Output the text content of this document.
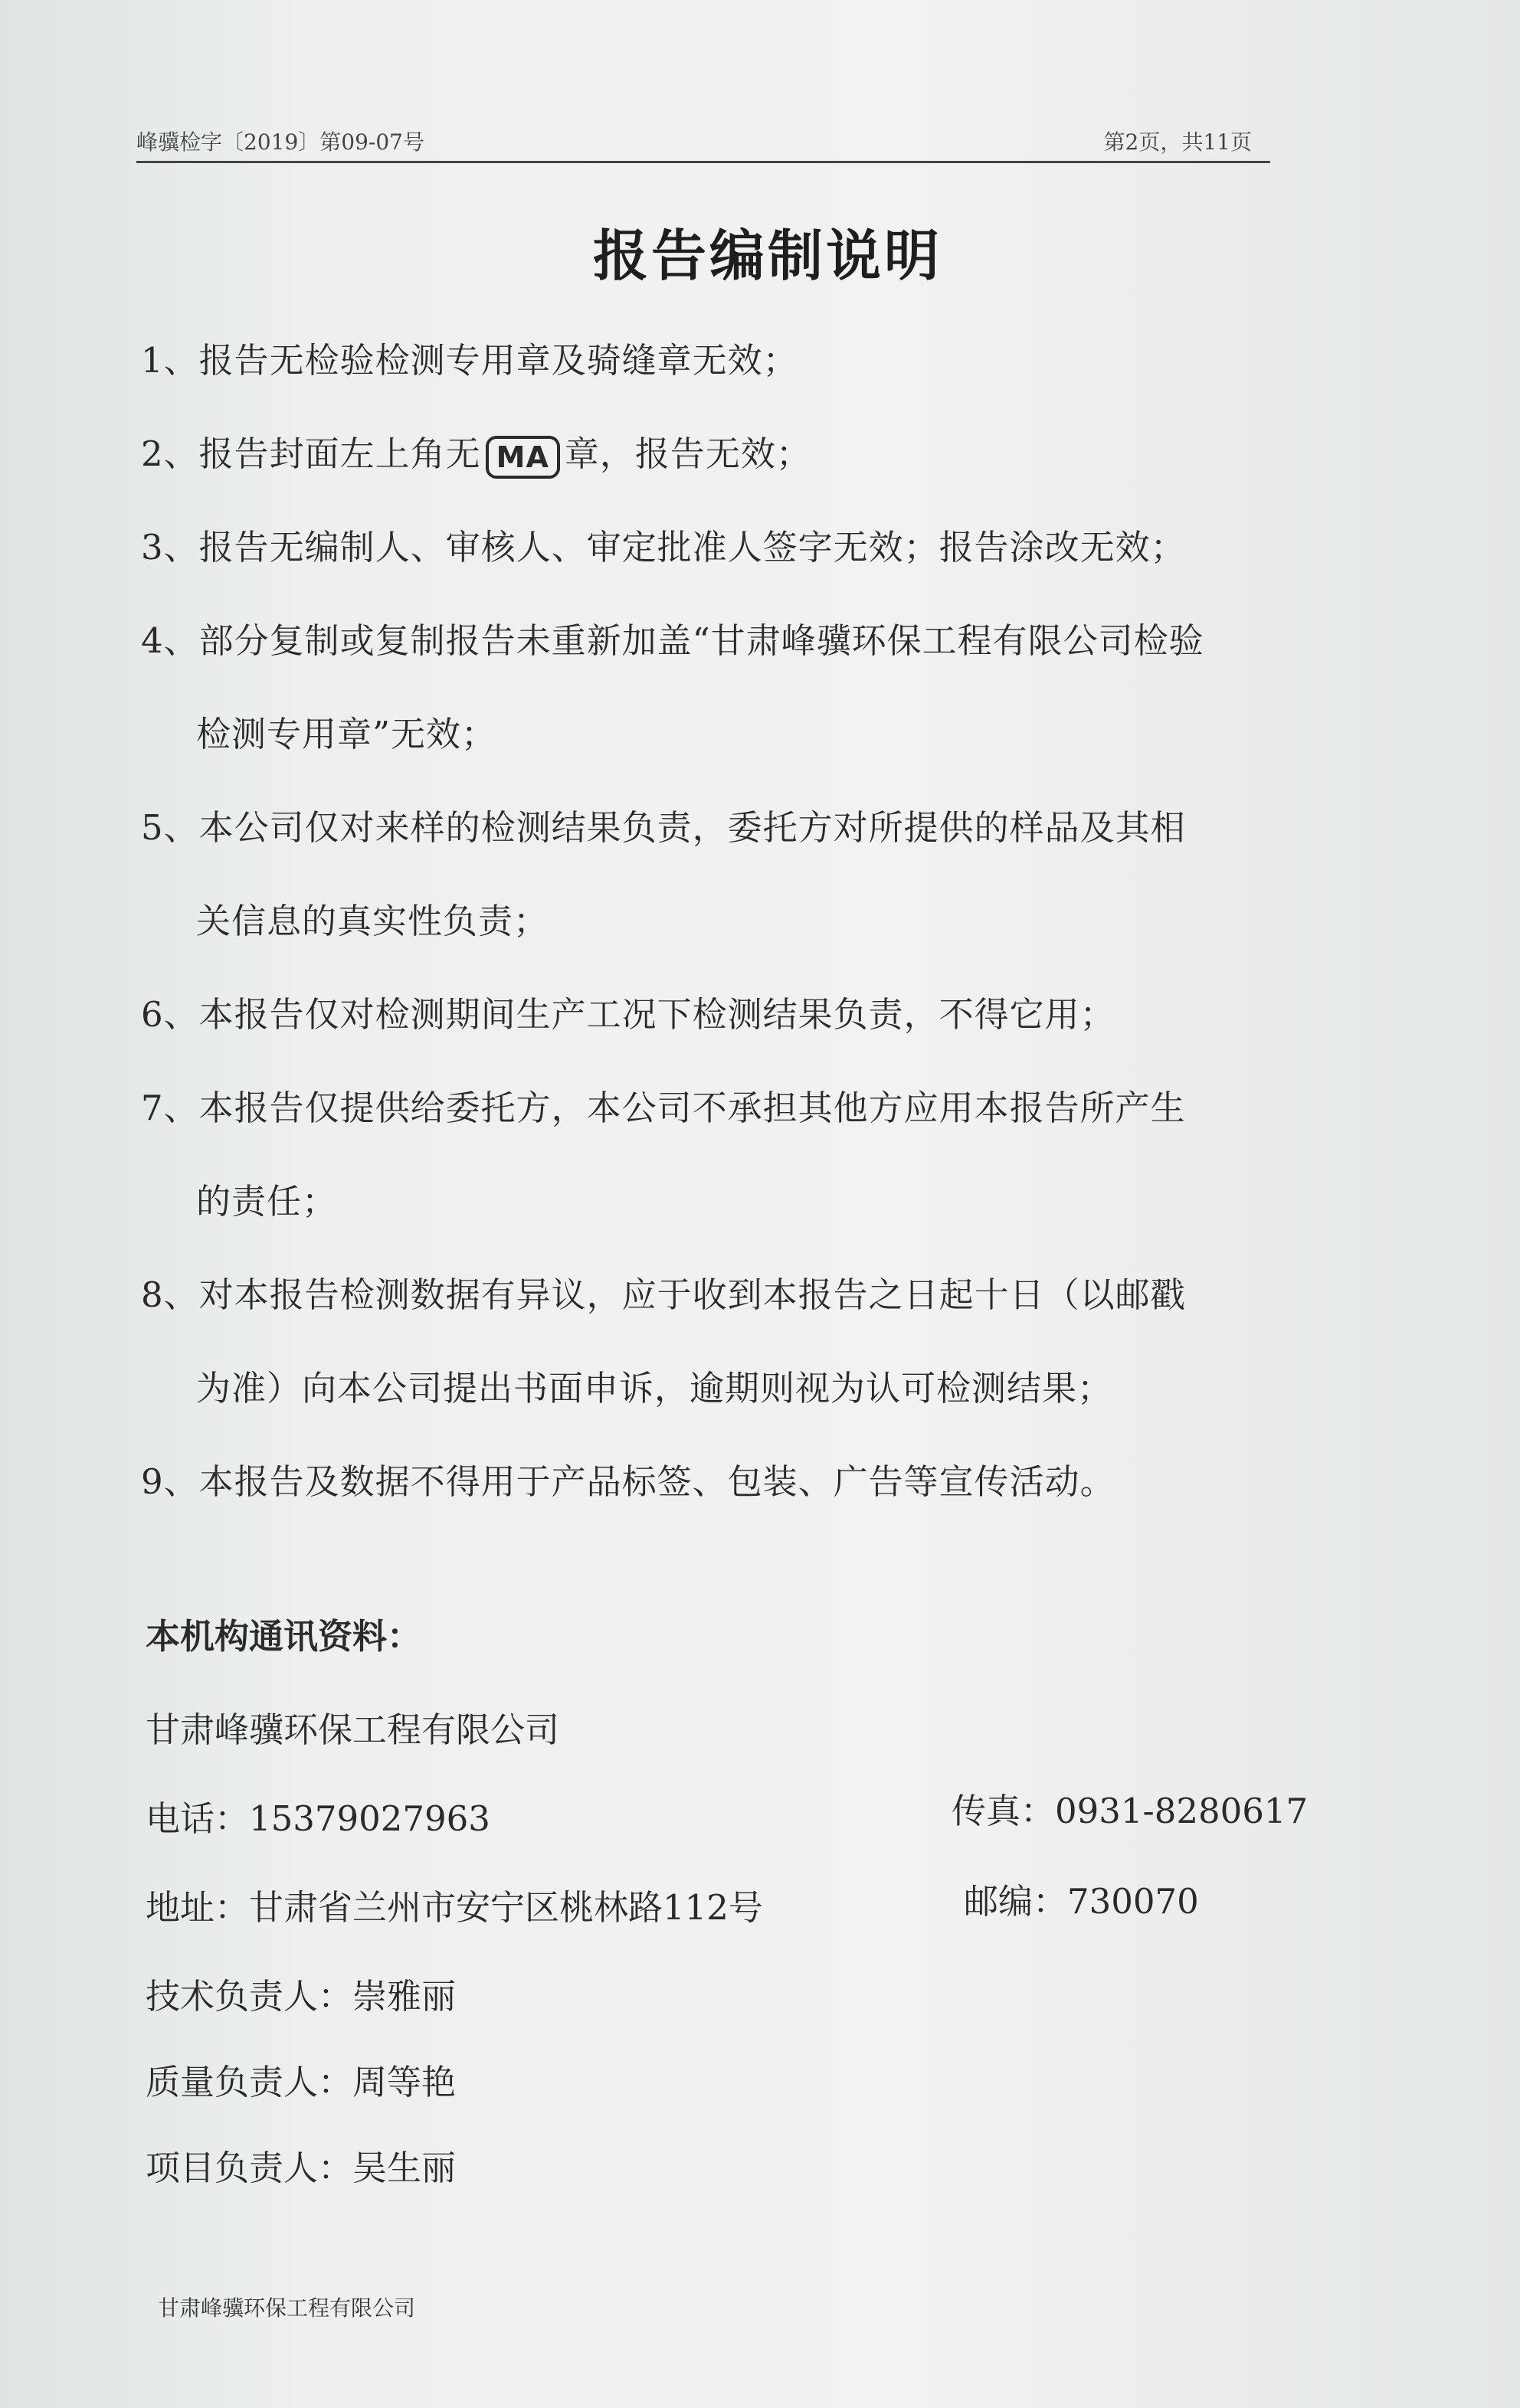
峰骥检字〔2019〕第09-07号	第2页，共11页
报告编制说明
1、报告无检验检测专用章及骑缝章无效；
2、报告封面左上角无 MA 章，报告无效；
3、报告无编制人、审核人、审定批准人签字无效；报告涂改无效；
4、部分复制或复制报告未重新加盖“甘肃峰骥环保工程有限公司检验
检测专用章”无效；
5、本公司仅对来样的检测结果负责，委托方对所提供的样品及其相
关信息的真实性负责；
6、本报告仅对检测期间生产工况下检测结果负责，不得它用；
7、本报告仅提供给委托方，本公司不承担其他方应用本报告所产生
的责任；
8、对本报告检测数据有异议，应于收到本报告之日起十日（以邮戳
为准）向本公司提出书面申诉，逾期则视为认可检测结果；
9、本报告及数据不得用于产品标签、包装、广告等宣传活动。
本机构通讯资料：
甘肃峰骥环保工程有限公司
电话：15379027963	传真：0931-8280617
地址：甘肃省兰州市安宁区桃林路112号	邮编：730070
技术负责人：崇雅丽
质量负责人：周等艳
项目负责人：吴生丽
甘肃峰骥环保工程有限公司
